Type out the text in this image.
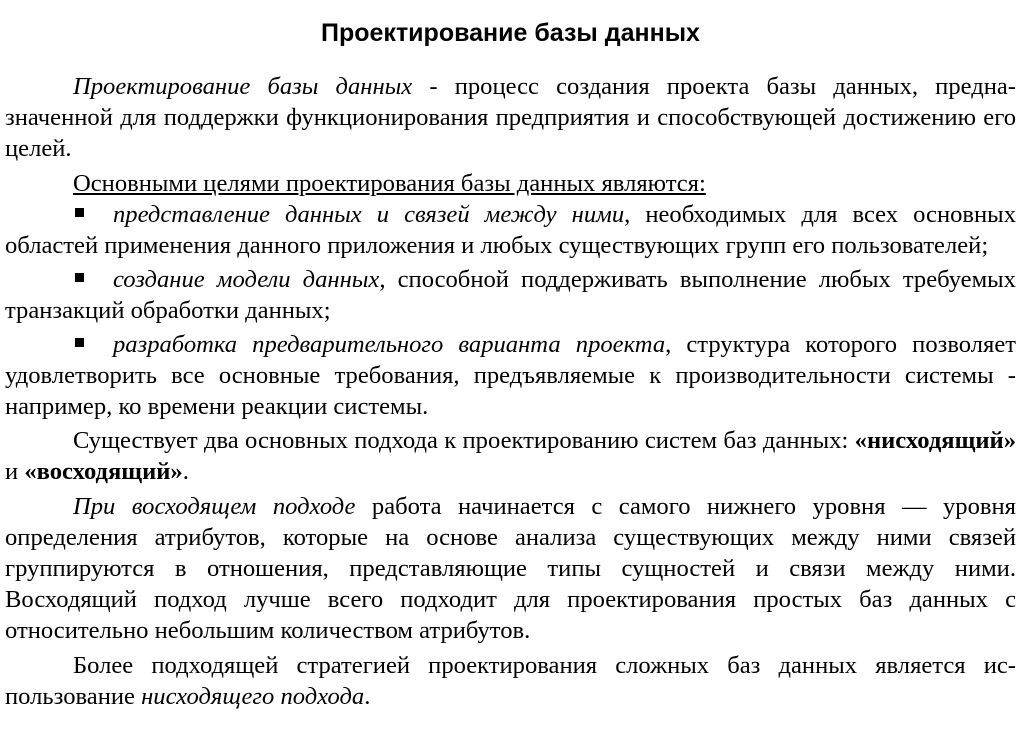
Проектирование базы данных

Проектирование базы данных - процесс создания проекта базы данных, предназначенной для поддержки функционирования предприятия и способствующей достижению его целей.

Основными целями проектирования базы данных являются:

представление данных и связей между ними, необходимых для всех основных областей применения данного приложения и любых существующих групп его пользователей;

создание модели данных, способной поддерживать выполнение любых требуемых транзакций обработки данных;

разработка предварительного варианта проекта, структура которого позволяет удовлетворить все основные требования, предъявляемые к производительности системы - например, ко времени реакции системы.

Существует два основных подхода к проектированию систем баз данных: «нисходящий» и «восходящий».

При восходящем подходе работа начинается с самого нижнего уровня — уровня определения атрибутов, которые на основе анализа существующих между ними связей группируются в отношения, представляющие типы сущностей и связи между ними. Восходящий подход лучше всего подходит для проектирования простых баз данных с относительно небольшим количеством атрибутов.

Более подходящей стратегией проектирования сложных баз данных является использование нисходящего подхода.
